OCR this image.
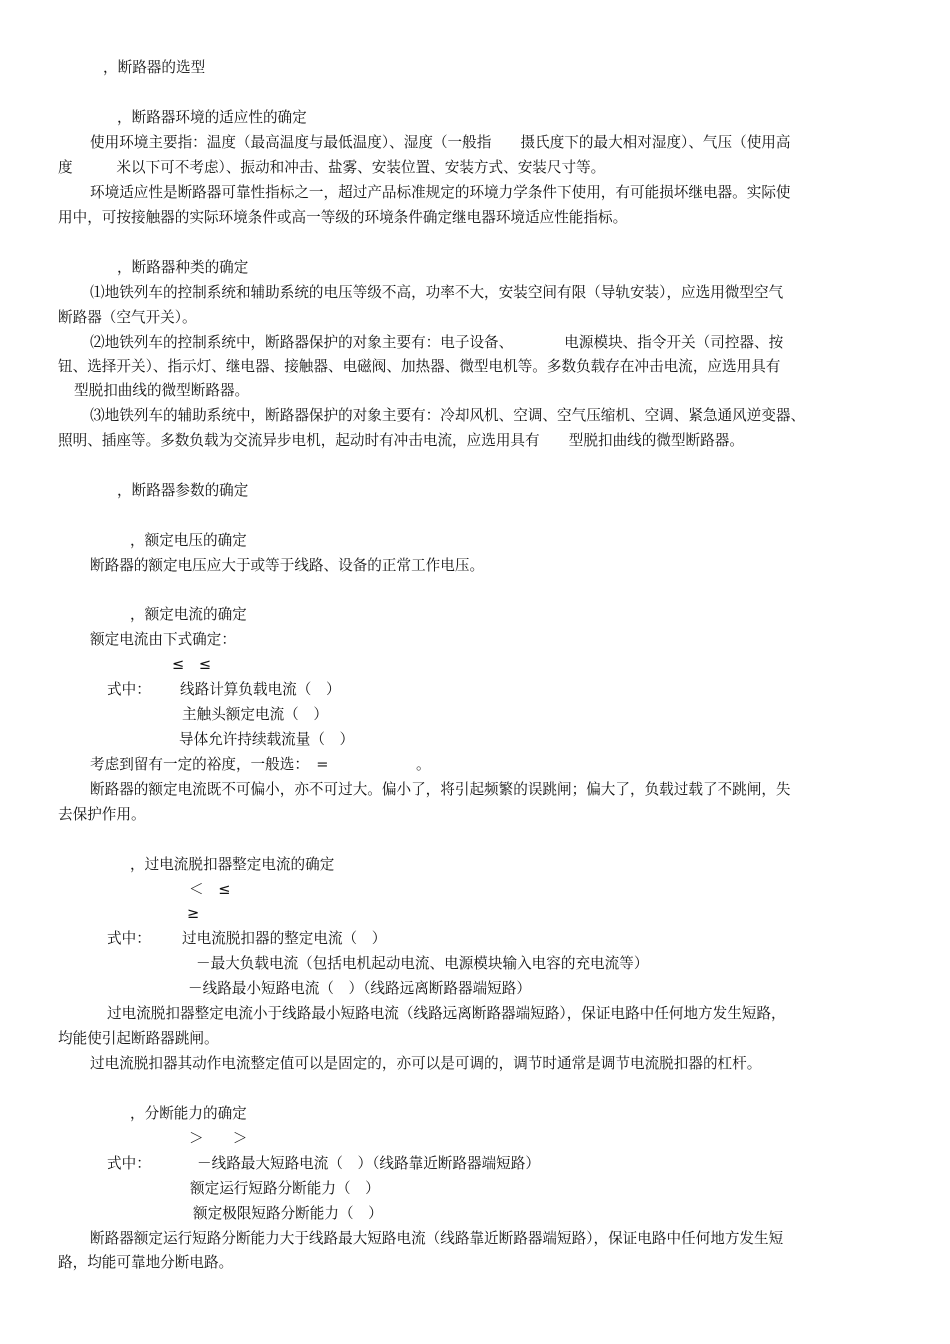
，断路器的选型
，断路器环境的适应性的确定
使用环境主要指：温度（最高温度与最低温度）、湿度（一般指　　摄氏度下的最大相对湿度）、气压（使用高
度　　　米以下可不考虑）、振动和冲击、盐雾、安装位置、安装方式、安装尺寸等。
环境适应性是断路器可靠性指标之一，超过产品标准规定的环境力学条件下使用，有可能损坏继电器。实际使
用中，可按接触器的实际环境条件或高一等级的环境条件确定继电器环境适应性能指标。
，断路器种类的确定
⑴地铁列车的控制系统和辅助系统的电压等级不高，功率不大，安装空间有限（导轨安装），应选用微型空气
断路器（空气开关）。
⑵地铁列车的控制系统中，断路器保护的对象主要有：电子设备、　　　　电源模块、指令开关（司控器、按
钮、选择开关）、指示灯、继电器、接触器、电磁阀、加热器、微型电机等。多数负载存在冲击电流，应选用具有
型脱扣曲线的微型断路器。
⑶地铁列车的辅助系统中，断路器保护的对象主要有：冷却风机、空调、空气压缩机、空调、紧急通风逆变器、
照明、插座等。多数负载为交流异步电机，起动时有冲击电流，应选用具有　　型脱扣曲线的微型断路器。
，断路器参数的确定
，额定电压的确定
断路器的额定电压应大于或等于线路、设备的正常工作电压。
，额定电流的确定
额定电流由下式确定：
≤　≤
式中： 线路计算负载电流（　）
主触头额定电流（　）
导体允许持续载流量（　）
考虑到留有一定的裕度，一般选：　=　　　　　　。
断路器的额定电流既不可偏小，亦不可过大。偏小了，将引起频繁的误跳闸；偏大了，负载过载了不跳闸，失
去保护作用。
，过电流脱扣器整定电流的确定
＜　≤
≥
式中： 过电流脱扣器的整定电流（　）
－最大负载电流（包括电机起动电流、电源模块输入电容的充电流等）
－线路最小短路电流（　）（线路远离断路器端短路）
过电流脱扣器整定电流小于线路最小短路电流（线路远离断路器端短路），保证电路中任何地方发生短路，
均能使引起断路器跳闸。
过电流脱扣器其动作电流整定值可以是固定的，亦可以是可调的，调节时通常是调节电流脱扣器的杠杆。
，分断能力的确定
＞　　＞
式中：	－线路最大短路电流（　）（线路靠近断路器端短路）
额定运行短路分断能力（　）
额定极限短路分断能力（　）
断路器额定运行短路分断能力大于线路最大短路电流（线路靠近断路器端短路），保证电路中任何地方发生短
路，均能可靠地分断电路。
